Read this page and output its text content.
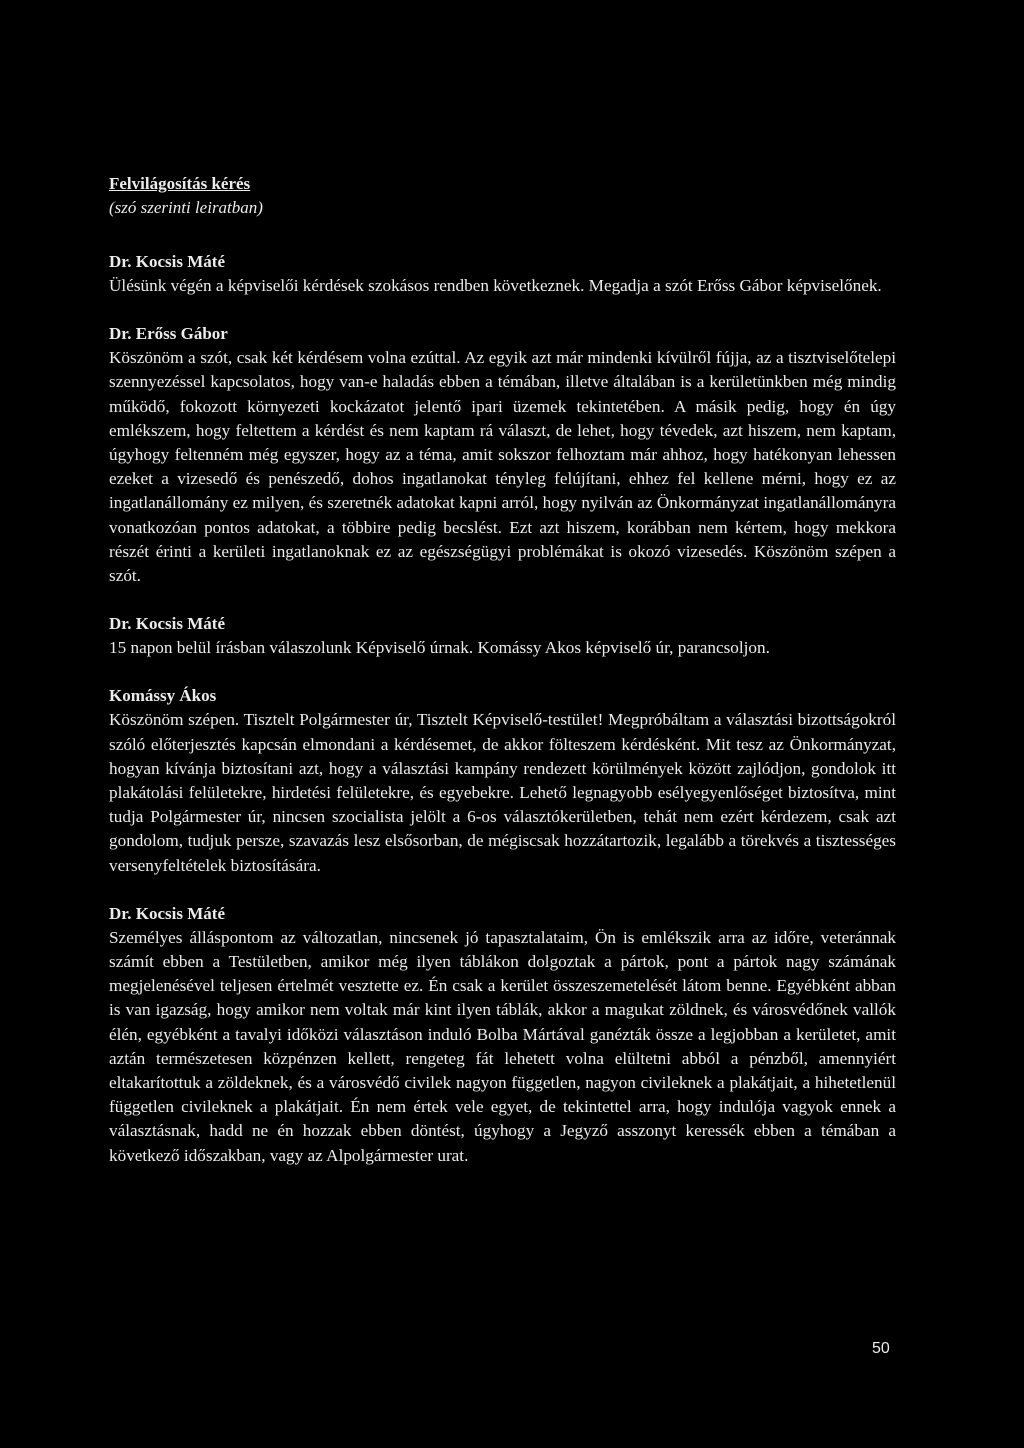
Felvilágosítás kérés
(szó szerinti leiratban)
Dr. Kocsis Máté
Ülésünk végén a képviselői kérdések szokásos rendben következnek. Megadja a szót Erőss Gábor képviselőnek.
Dr. Erőss Gábor
Köszönöm a szót, csak két kérdésem volna ezúttal. Az egyik azt már mindenki kívülről fújja, az a tisztviselőtelepi szennyezéssel kapcsolatos, hogy van-e haladás ebben a témában, illetve általában is a kerületünkben még mindig működő, fokozott környezeti kockázatot jelentő ipari üzemek tekintetében. A másik pedig, hogy én úgy emlékszem, hogy feltettem a kérdést és nem kaptam rá választ, de lehet, hogy tévedek, azt hiszem, nem kaptam, úgyhogy feltenném még egyszer, hogy az a téma, amit sokszor felhoztam már ahhoz, hogy hatékonyan lehessen ezeket a vizesedő és penészedő, dohos ingatlanokat tényleg felújítani, ehhez fel kellene mérni, hogy ez az ingatlanállomány ez milyen, és szeretnék adatokat kapni arról, hogy nyilván az Önkormányzat ingatlanállományra vonatkozóan pontos adatokat, a többire pedig becslést. Ezt azt hiszem, korábban nem kértem, hogy mekkora részét érinti a kerületi ingatlanoknak ez az egészségügyi problémákat is okozó vizesedés. Köszönöm szépen a szót.
Dr. Kocsis Máté
15 napon belül írásban válaszolunk Képviselő úrnak. Komássy Akos képviselő úr, parancsoljon.
Komássy Ákos
Köszönöm szépen. Tisztelt Polgármester úr, Tisztelt Képviselő-testület! Megpróbáltam a választási bizottságokról szóló előterjesztés kapcsán elmondani a kérdésemet, de akkor fölteszem kérdésként. Mit tesz az Önkormányzat, hogyan kívánja biztosítani azt, hogy a választási kampány rendezett körülmények között zajlódjon, gondolok itt plakátolási felületekre, hirdetési felületekre, és egyebekre. Lehető legnagyobb esélyegyenlőséget biztosítva, mint tudja Polgármester úr, nincsen szocialista jelölt a 6-os választókerületben, tehát nem ezért kérdezem, csak azt gondolom, tudjuk persze, szavazás lesz elsősorban, de mégiscsak hozzátartozik, legalább a törekvés a tisztességes versenyfeltételek biztosítására.
Dr. Kocsis Máté
Személyes álláspontom az változatlan, nincsenek jó tapasztalataim, Ön is emlékszik arra az időre, veteránnak számít ebben a Testületben, amikor még ilyen táblákon dolgoztak a pártok, pont a pártok nagy számának megjelenésével teljesen értelmét vesztette ez. Én csak a kerület összeszemetelését látom benne. Egyébként abban is van igazság, hogy amikor nem voltak már kint ilyen táblák, akkor a magukat zöldnek, és városvédőnek vallók élén, egyébként a tavalyi időközi választáson induló Bolba Mártával ganézták össze a legjobban a kerületet, amit aztán természetesen közpénzen kellett, rengeteg fát lehetett volna elültetni abból a pénzből, amennyiért eltakarítottuk a zöldeknek, és a városvédő civilek nagyon független, nagyon civileknek a plakátjait, a hihetetlenül független civileknek a plakátjait. Én nem értek vele egyet, de tekintettel arra, hogy indulója vagyok ennek a választásnak, hadd ne én hozzak ebben döntést, úgyhogy a Jegyző asszonyt keressék ebben a témában a következő időszakban, vagy az Alpolgármester urat.
50
